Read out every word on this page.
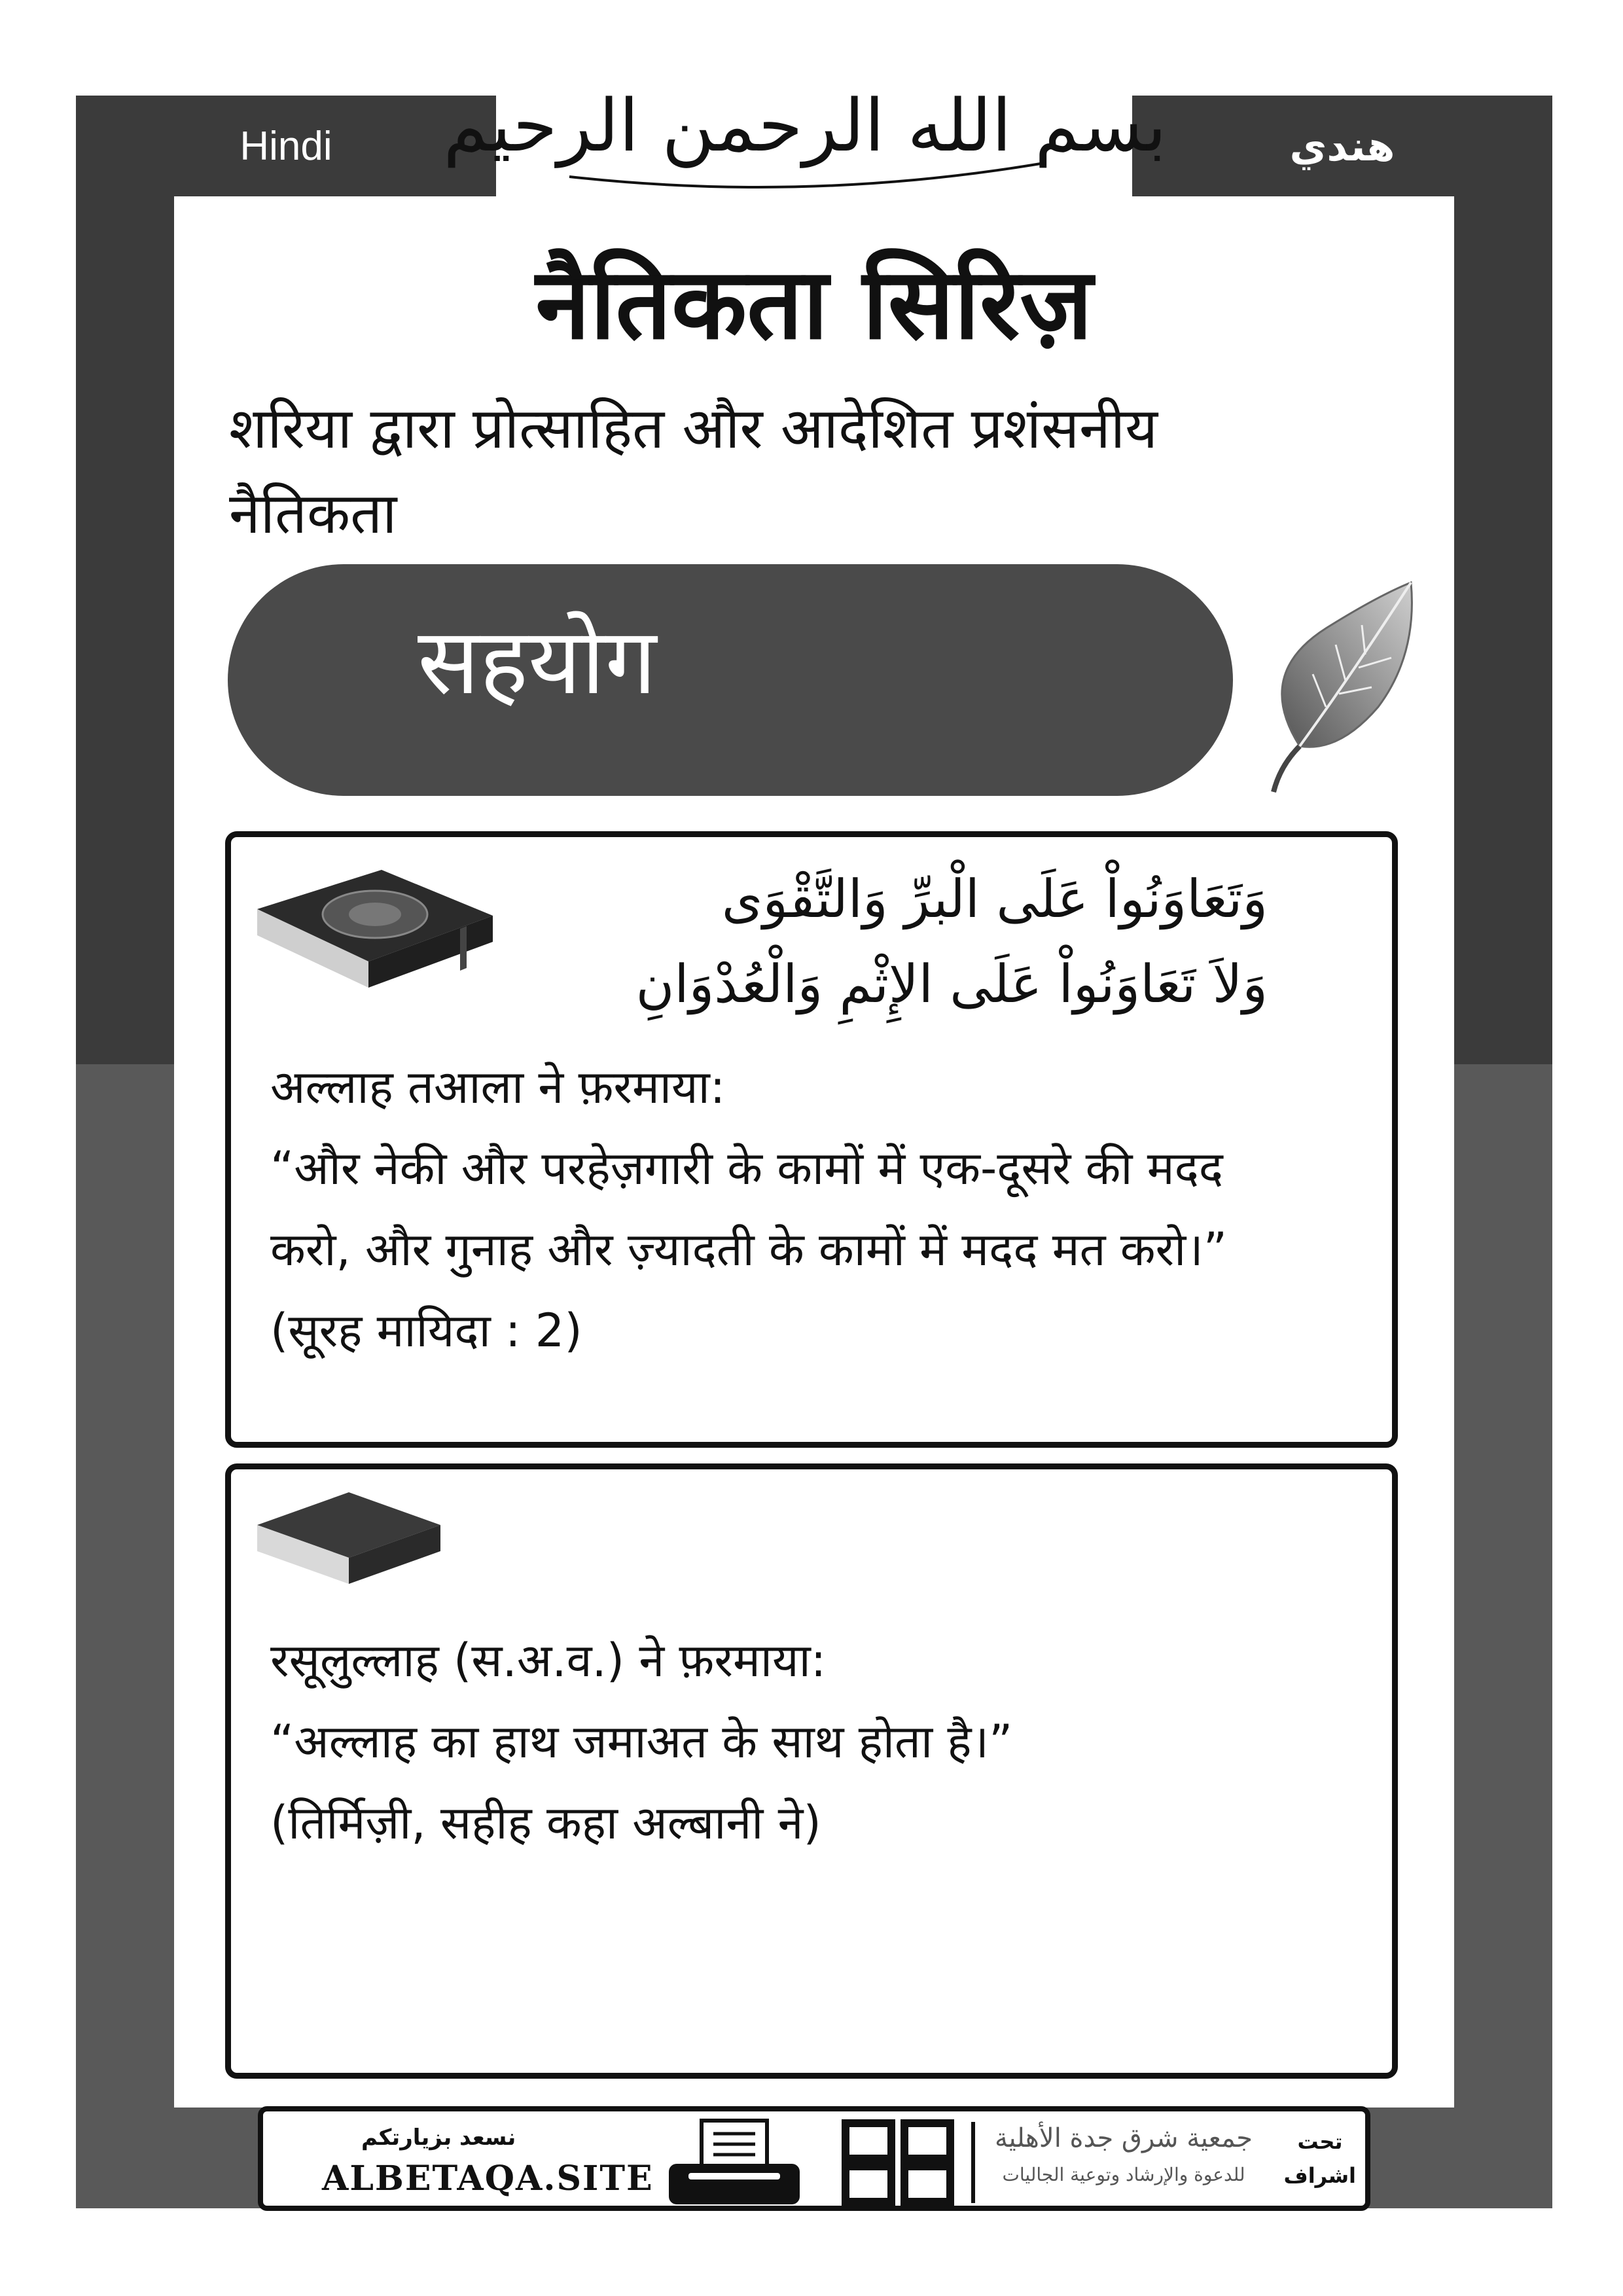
Hindi	هندي
بسم الله الرحمن الرحيم
नैतिकता सिरिज़
शरिया द्वारा प्रोत्साहित और आदेशित प्रशंसनीय
नैतिकता
सहयोग
وَتَعَاوَنُواْ عَلَى الْبرِّ وَالتَّقْوَى
وَلاَ تَعَاوَنُواْ عَلَى الإِثْمِ وَالْعُدْوَانِ
अल्लाह तआला ने फ़रमाया:
“और नेकी और परहेज़गारी के कामों में एक-दूसरे की मदद
करो, और गुनाह और ज़्यादती के कामों में मदद मत करो।”
(सूरह मायिदा : 2)
रसूलुल्लाह (स.अ.व.) ने फ़रमाया:
“अल्लाह का हाथ जमाअत के साथ होता है।”
(तिर्मिज़ी, सहीह कहा अल्बानी ने)
نسعد بزيارتكم
ALBETAQA.SITE
جمعية شرق جدة الأهلية
للدعوة والإرشاد وتوعية الجاليات
تحت
اشراف
